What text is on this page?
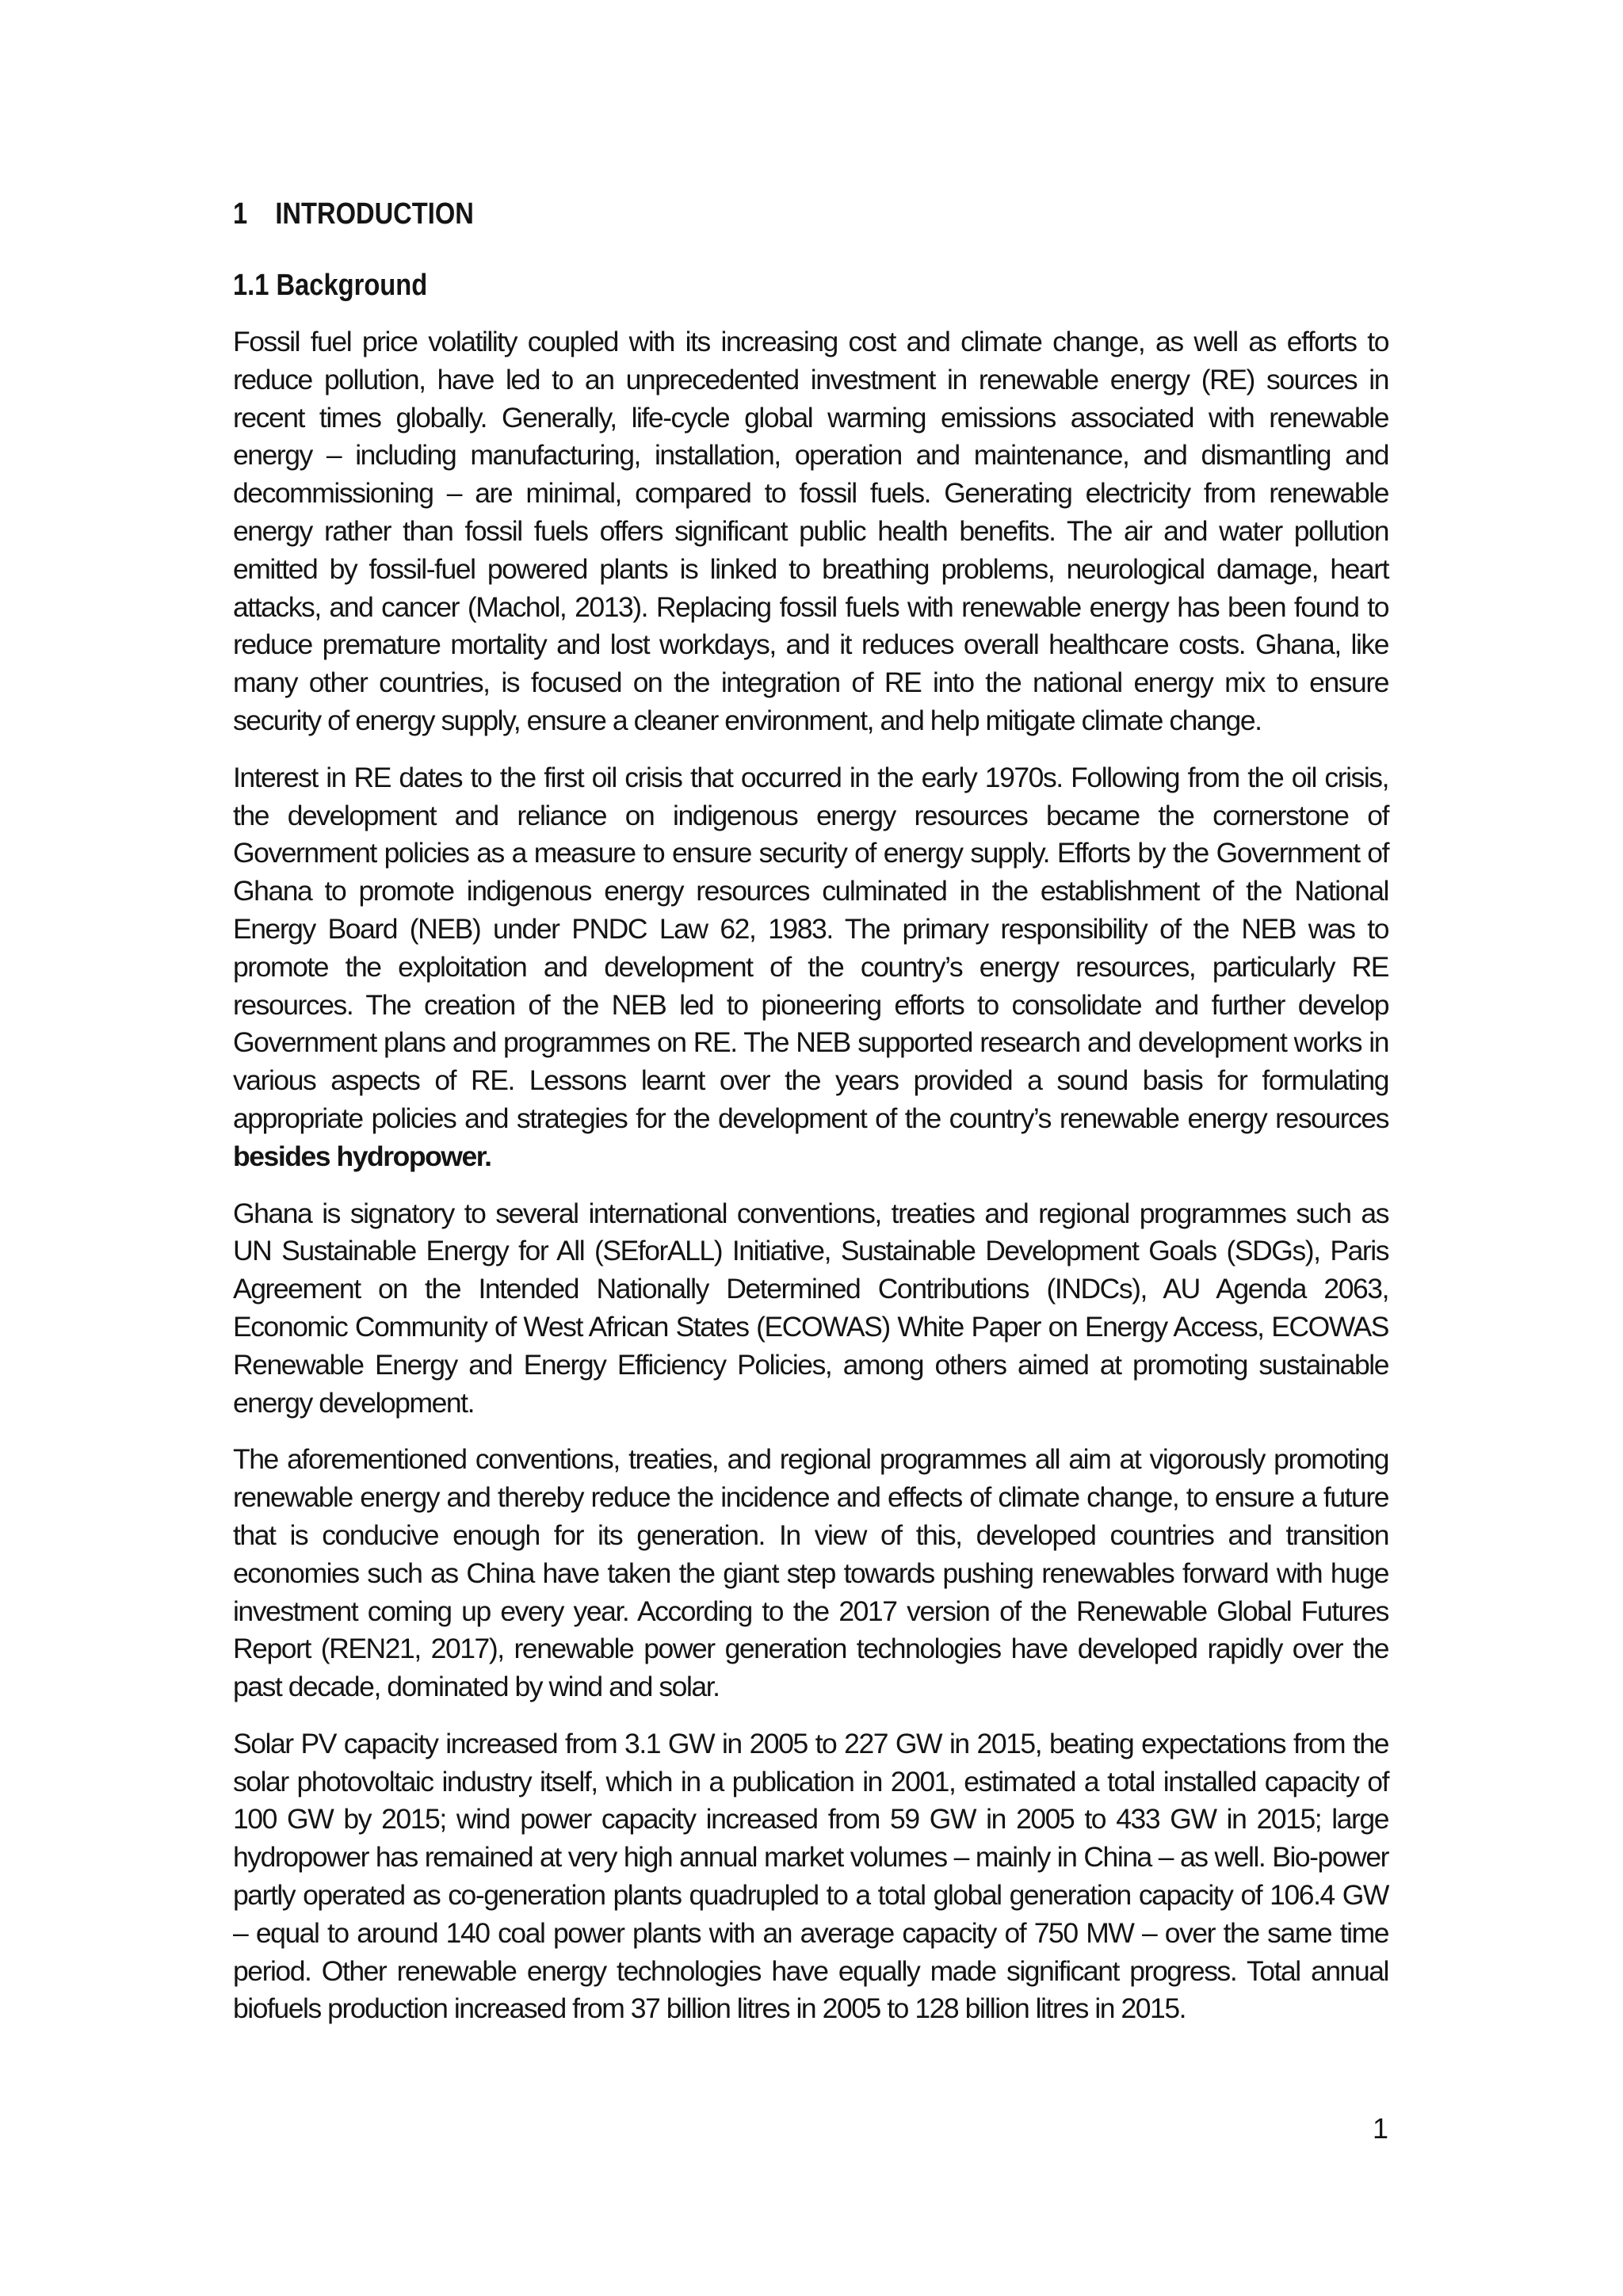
1 INTRODUCTION
1.1 Background

Fossil fuel price volatility coupled with its increasing cost and climate change, as well as efforts to reduce pollution, have led to an unprecedented investment in renewable energy (RE) sources in recent times globally. Generally, life-cycle global warming emissions associated with renewable energy – including manufacturing, installation, operation and maintenance, and dismantling and decommissioning – are minimal, compared to fossil fuels. Generating electricity from renewable energy rather than fossil fuels offers significant public health benefits. The air and water pollution emitted by fossil-fuel powered plants is linked to breathing problems, neurological damage, heart attacks, and cancer (Machol, 2013). Replacing fossil fuels with renewable energy has been found to reduce premature mortality and lost workdays, and it reduces overall healthcare costs. Ghana, like many other countries, is focused on the integration of RE into the national energy mix to ensure security of energy supply, ensure a cleaner environment, and help mitigate climate change.

Interest in RE dates to the first oil crisis that occurred in the early 1970s. Following from the oil crisis, the development and reliance on indigenous energy resources became the cornerstone of Government policies as a measure to ensure security of energy supply. Efforts by the Government of Ghana to promote indigenous energy resources culminated in the establishment of the National Energy Board (NEB) under PNDC Law 62, 1983. The primary responsibility of the NEB was to promote the exploitation and development of the country’s energy resources, particularly RE resources. The creation of the NEB led to pioneering efforts to consolidate and further develop Government plans and programmes on RE. The NEB supported research and development works in various aspects of RE. Lessons learnt over the years provided a sound basis for formulating appropriate policies and strategies for the development of the country’s renewable energy resources besides hydropower.

Ghana is signatory to several international conventions, treaties and regional programmes such as UN Sustainable Energy for All (SEforALL) Initiative, Sustainable Development Goals (SDGs), Paris Agreement on the Intended Nationally Determined Contributions (INDCs), AU Agenda 2063, Economic Community of West African States (ECOWAS) White Paper on Energy Access, ECOWAS Renewable Energy and Energy Efficiency Policies, among others aimed at promoting sustainable energy development.

The aforementioned conventions, treaties, and regional programmes all aim at vigorously promoting renewable energy and thereby reduce the incidence and effects of climate change, to ensure a future that is conducive enough for its generation. In view of this, developed countries and transition economies such as China have taken the giant step towards pushing renewables forward with huge investment coming up every year. According to the 2017 version of the Renewable Global Futures Report (REN21, 2017), renewable power generation technologies have developed rapidly over the past decade, dominated by wind and solar.

Solar PV capacity increased from 3.1 GW in 2005 to 227 GW in 2015, beating expectations from the solar photovoltaic industry itself, which in a publication in 2001, estimated a total installed capacity of 100 GW by 2015; wind power capacity increased from 59 GW in 2005 to 433 GW in 2015; large hydropower has remained at very high annual market volumes – mainly in China – as well. Bio-power partly operated as co-generation plants quadrupled to a total global generation capacity of 106.4 GW – equal to around 140 coal power plants with an average capacity of 750 MW – over the same time period. Other renewable energy technologies have equally made significant progress. Total annual biofuels production increased from 37 billion litres in 2005 to 128 billion litres in 2015.

1
